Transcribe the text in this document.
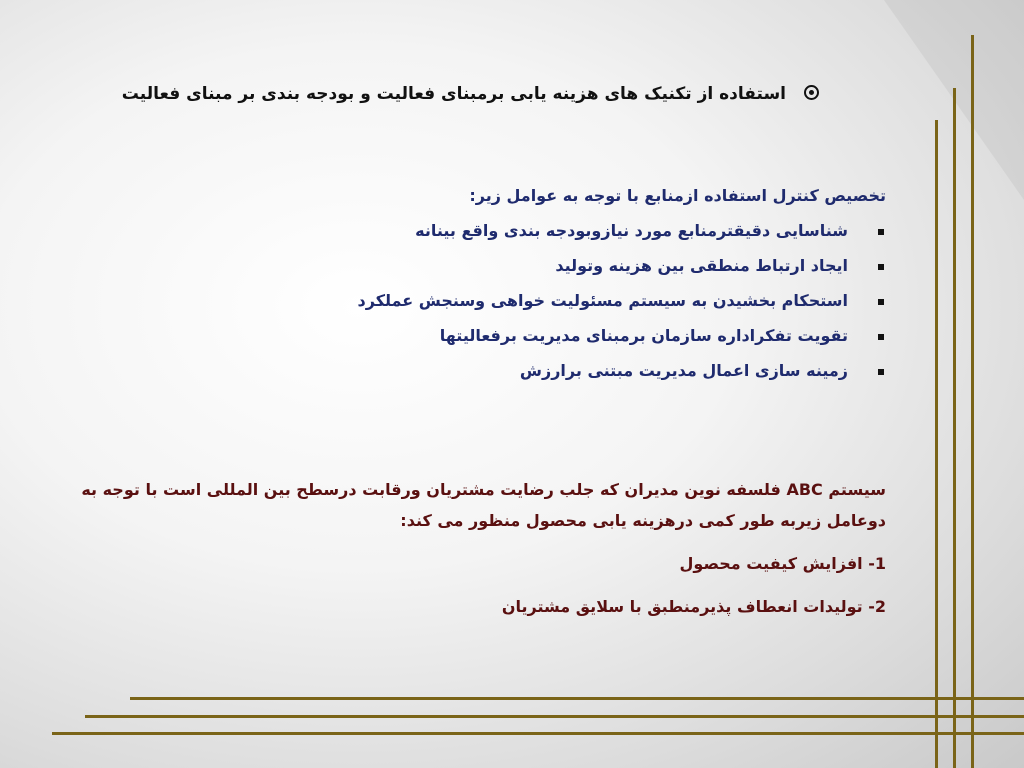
استفاده از تکنیک های هزینه یابی برمبنای فعالیت و بودجه بندی بر مبنای فعالیت
تخصیص کنترل استفاده ازمنابع با توجه به عوامل زیر:
شناسایی دقیقترمنابع مورد نیازوبودجه بندی واقع بینانه
ایجاد ارتباط منطقی بین هزینه وتولید
استحکام بخشیدن به سیستم مسئولیت خواهی وسنجش عملکرد
تقویت تفکراداره سازمان برمبنای مدیریت برفعالیتها
زمینه سازی اعمال مدیریت مبتنی برارزش

سیستم ABC فلسفه نوین مدیران که جلب رضایت مشتریان ورقابت درسطح بین المللی است با توجه به دوعامل زیربه طور کمی درهزینه یابی محصول منظور می کند:

1- افزایش کیفیت محصول

2- تولیدات انعطاف پذیرمنطبق با سلایق مشتریان
